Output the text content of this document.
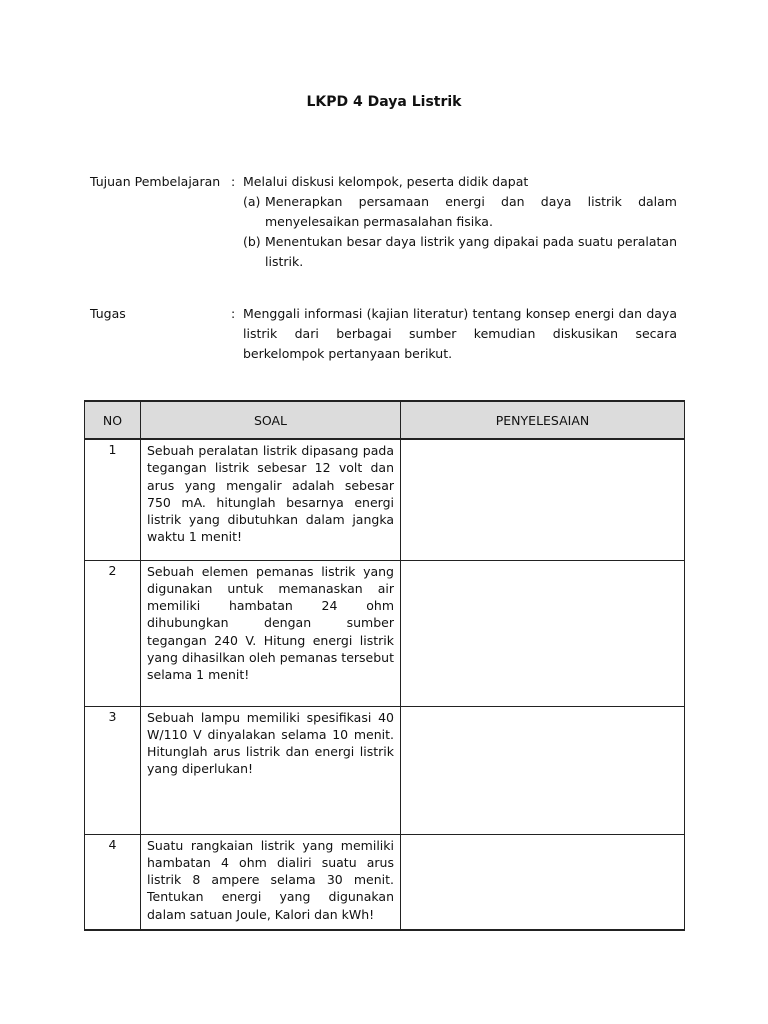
LKPD 4 Daya Listrik
Tujuan Pembelajaran : Melalui diskusi kelompok, peserta didik dapat
(a) Menerapkan persamaan energi dan daya listrik dalam menyelesaikan permasalahan fisika.
(b) Menentukan besar daya listrik yang dipakai pada suatu peralatan listrik.
Tugas	: Menggali informasi (kajian literatur) tentang konsep energi dan daya listrik dari berbagai sumber kemudian diskusikan secara berkelompok pertanyaan berikut.
NO	SOAL	PENYELESAIAN
1	Sebuah peralatan listrik dipasang pada tegangan listrik sebesar 12 volt dan arus yang mengalir adalah sebesar 750 mA. hitunglah besarnya energi listrik yang dibutuhkan dalam jangka waktu 1 menit!	
2	Sebuah elemen pemanas listrik yang digunakan untuk memanaskan air memiliki hambatan 24 ohm dihubungkan dengan sumber tegangan 240 V. Hitung energi listrik yang dihasilkan oleh pemanas tersebut selama 1 menit!	
3	Sebuah lampu memiliki spesifikasi 40 W/110 V dinyalakan selama 10 menit. Hitunglah arus listrik dan energi listrik yang diperlukan!	
4	Suatu rangkaian listrik yang memiliki hambatan 4 ohm dialiri suatu arus listrik 8 ampere selama 30 menit. Tentukan energi yang digunakan dalam satuan Joule, Kalori dan kWh!	
